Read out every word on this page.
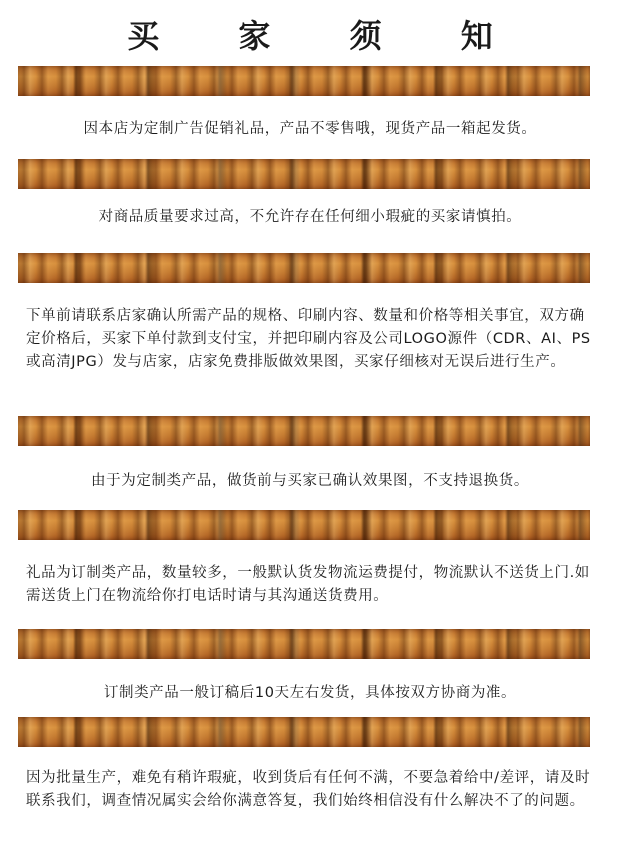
买 家 须 知

因本店为定制广告促销礼品，产品不零售哦，现货产品一箱起发货。

对商品质量要求过高，不允许存在任何细小瑕疵的买家请慎拍。

下单前请联系店家确认所需产品的规格、印刷内容、数量和价格等相关事宜，双方确定价格后，买家下单付款到支付宝，并把印刷内容及公司LOGO源件（CDR、AI、PS或高清JPG）发与店家，店家免费排版做效果图，买家仔细核对无误后进行生产。

由于为定制类产品，做货前与买家已确认效果图，不支持退换货。

礼品为订制类产品，数量较多，一般默认货发物流运费提付，物流默认不送货上门.如需送货上门在物流给你打电话时请与其沟通送货费用。

订制类产品一般订稿后10天左右发货，具体按双方协商为准。

因为批量生产，难免有稍许瑕疵，收到货后有任何不满，不要急着给中/差评，请及时联系我们，调查情况属实会给你满意答复，我们始终相信没有什么解决不了的问题。
